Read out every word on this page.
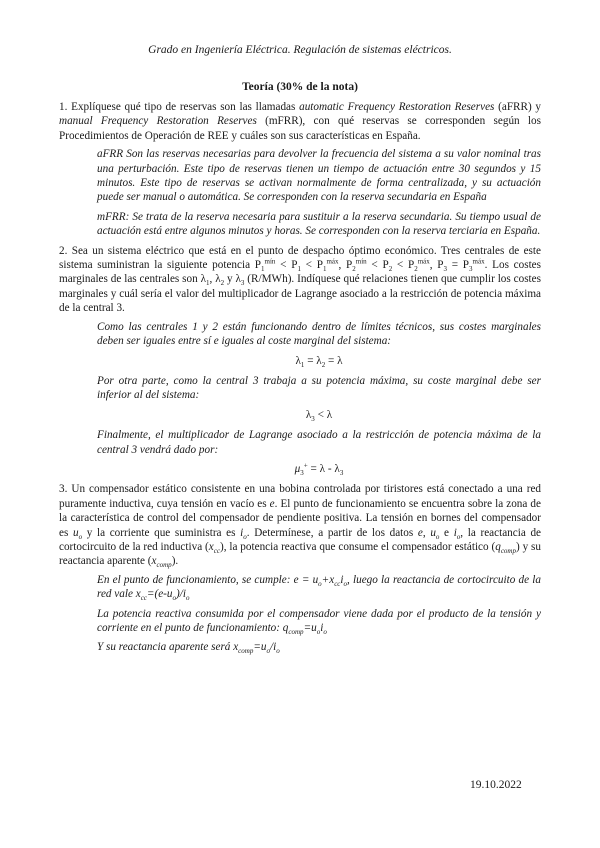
Grado en Ingeniería Eléctrica. Regulación de sistemas eléctricos.
Teoría (30% de la nota)

1. Explíquese qué tipo de reservas son las llamadas automatic Frequency Restoration Reserves (aFRR) y manual Frequency Restoration Reserves (mFRR), con qué reservas se corresponden según los Procedimientos de Operación de REE y cuáles son sus características en España.

aFRR Son las reservas necesarias para devolver la frecuencia del sistema a su valor nominal tras una perturbación. Este tipo de reservas tienen un tiempo de actuación entre 30 segundos y 15 minutos. Este tipo de reservas se activan normalmente de forma centralizada, y su actuación puede ser manual o automática. Se corresponden con la reserva secundaria en España

mFRR: Se trata de la reserva necesaria para sustituir a la reserva secundaria. Su tiempo usual de actuación está entre algunos minutos y horas. Se corresponden con la reserva terciaria en España.

2. Sea un sistema eléctrico que está en el punto de despacho óptimo económico. Tres centrales de este sistema suministran la siguiente potencia $P_1^{mín} < P_1 < P_1^{máx}$, $P_2^{mín} < P_2 < P_2^{máx}$, $P_3 = P_3^{máx}$. Los costes marginales de las centrales son $\lambda_1$, $\lambda_2$ y $\lambda_3$ (R/MWh). Indíquese qué relaciones tienen que cumplir los costes marginales y cuál sería el valor del multiplicador de Lagrange asociado a la restricción de potencia máxima de la central 3.

Como las centrales 1 y 2 están funcionando dentro de límites técnicos, sus costes marginales deben ser iguales entre sí e iguales al coste marginal del sistema:

$\lambda_1 = \lambda_2 = \lambda$

Por otra parte, como la central 3 trabaja a su potencia máxima, su coste marginal debe ser inferior al del sistema:

$\lambda_3 < \lambda$

Finalmente, el multiplicador de Lagrange asociado a la restricción de potencia máxima de la central 3 vendrá dado por:

$\mu_3^+ = \lambda - \lambda_3$

3. Un compensador estático consistente en una bobina controlada por tiristores está conectado a una red puramente inductiva, cuya tensión en vacío es e. El punto de funcionamiento se encuentra sobre la zona de la característica de control del compensador de pendiente positiva. La tensión en bornes del compensador es $u_o$ y la corriente que suministra es $i_o$. Determínese, a partir de los datos e, $u_o$ e $i_o$, la reactancia de cortocircuito de la red inductiva $(x_{cc})$, la potencia reactiva que consume el compensador estático $(q_{comp})$ y su reactancia aparente $(x_{comp})$.

En el punto de funcionamiento, se cumple: $e = u_o+x_{cc}i_o$, luego la reactancia de cortocircuito de la red vale $x_{cc}=(e-u_o)/i_o$

La potencia reactiva consumida por el compensador viene dada por el producto de la tensión y corriente en el punto de funcionamiento: $q_{comp}=u_oi_o$

Y su reactancia aparente será $x_{comp}=u_o/i_o$

19.10.2022
